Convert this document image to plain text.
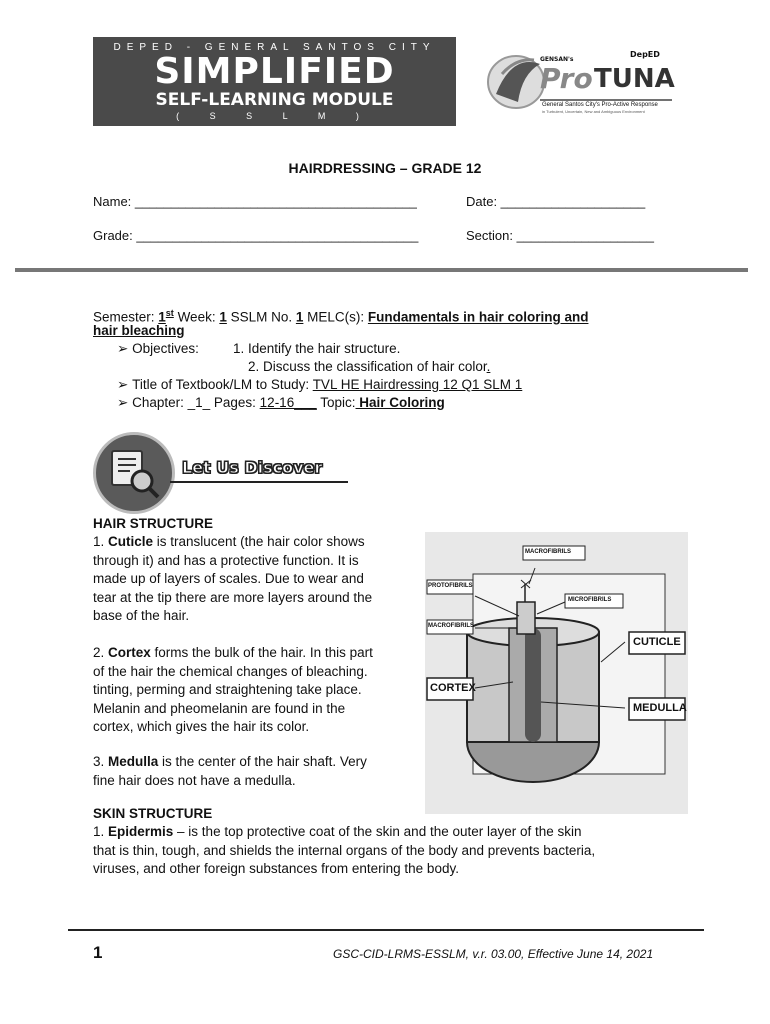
DEPED - GENERAL SANTOS CITY
SIMPLIFIED
SELF-LEARNING MODULE
( S S L M )
GENSAN's
DepED
Pro TUNA
General Santos City's Pro-Active Response
in Turbulent, Uncertain, New and Ambiguous Environment
HAIRDRESSING – GRADE 12
Name: _______________________________________	Date: ____________________
Grade: _______________________________________	Section: ___________________
Semester: 1st Week: 1 SSLM No. 1 MELC(s): Fundamentals in hair coloring and
hair bleaching
➢ Objectives:	1. Identify the hair structure.
2. Discuss the classification of hair color.
➢ Title of Textbook/LM to Study: TVL HE Hairdressing 12 Q1 SLM 1
➢ Chapter: _1_ Pages: 12-16___ Topic: Hair Coloring
Let Us Discover
HAIR STRUCTURE
1. Cuticle is translucent (the hair color shows
through it) and has a protective function. It is
made up of layers of scales. Due to wear and
tear at the tip there are more layers around the
base of the hair.
2. Cortex forms the bulk of the hair. In this part
of the hair the chemical changes of bleaching.
tinting, perming and straightening take place.
Melanin and pheomelanin are found in the
cortex, which gives the hair its color.
3. Medulla is the center of the hair shaft. Very
fine hair does not have a medulla.
MACROFIBRILS
PROTOFIBRILS
MICROFIBRILS
MACROFIBRILS
CUTICLE
CORTEX
MEDULLA
SKIN STRUCTURE
1. Epidermis – is the top protective coat of the skin and the outer layer of the skin
that is thin, tough, and shields the internal organs of the body and prevents bacteria,
viruses, and other foreign substances from entering the body.
1	GSC-CID-LRMS-ESSLM, v.r. 03.00, Effective June 14, 2021
